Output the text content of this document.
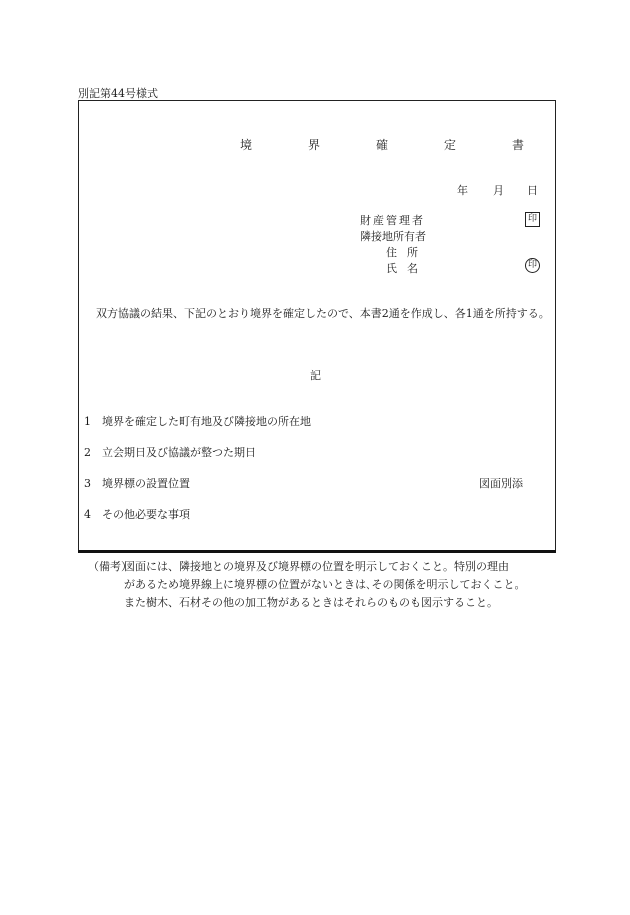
別記第44号様式
境　界　確　定　書
年 月 日
財産管理者
隣接地所有者
住所
氏名
印
印
双方協議の結果、下記のとおり境界を確定したので、本書2通を作成し、各1通を所持する。
記
1 境界を確定した町有地及び隣接地の所在地
2 立会期日及び協議が整つた期日
3 境界標の設置位置	図面別添
4 その他必要な事項
（備考）
図面には、隣接地との境界及び境界標の位置を明示しておくこと。特別の理由
があるため境界線上に境界標の位置がないときは､その関係を明示しておくこと。
また樹木、石材その他の加工物があるときはそれらのものも図示すること。
